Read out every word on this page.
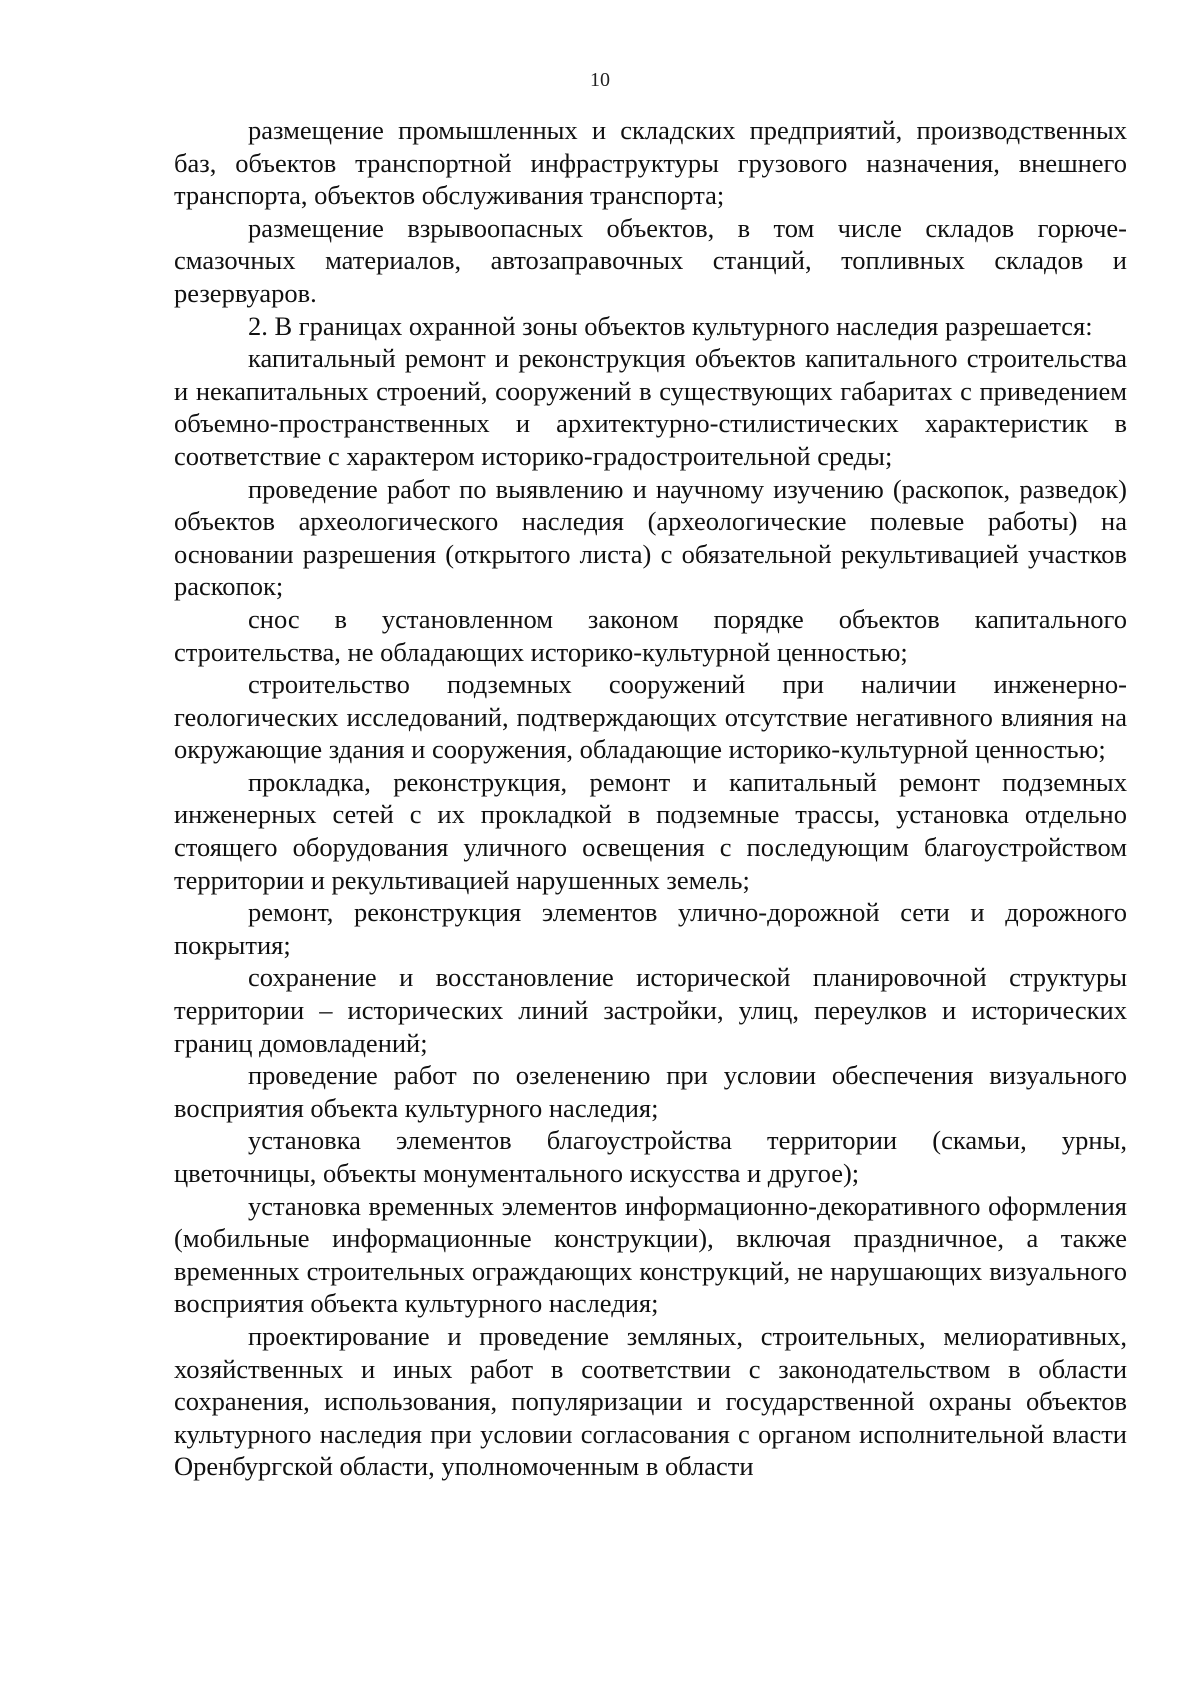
10

размещение промышленных и складских предприятий, производственных баз, объектов транспортной инфраструктуры грузового назначения, внешнего транспорта, объектов обслуживания транспорта;

размещение взрывоопасных объектов, в том числе складов горюче-смазочных материалов, автозаправочных станций, топливных складов и резервуаров.

2. В границах охранной зоны объектов культурного наследия разрешается:

капитальный ремонт и реконструкция объектов капитального строительства и некапитальных строений, сооружений в существующих габаритах с приведением объемно-пространственных и архитектурно-стилистических характеристик в соответствие с характером историко-градостроительной среды;

проведение работ по выявлению и научному изучению (раскопок, разведок) объектов археологического наследия (археологические полевые работы) на основании разрешения (открытого листа) с обязательной рекультивацией участков раскопок;

снос в установленном законом порядке объектов капитального строительства, не обладающих историко-культурной ценностью;

строительство подземных сооружений при наличии инженерно-геологических исследований, подтверждающих отсутствие негативного влияния на окружающие здания и сооружения, обладающие историко-культурной ценностью;

прокладка, реконструкция, ремонт и капитальный ремонт подземных инженерных сетей с их прокладкой в подземные трассы, установка отдельно стоящего оборудования уличного освещения с последующим благоустройством территории и рекультивацией нарушенных земель;

ремонт, реконструкция элементов улично-дорожной сети и дорожного покрытия;

сохранение и восстановление исторической планировочной структуры территории – исторических линий застройки, улиц, переулков и исторических границ домовладений;

проведение работ по озеленению при условии обеспечения визуального восприятия объекта культурного наследия;

установка элементов благоустройства территории (скамьи, урны, цветочницы, объекты монументального искусства и другое);

установка временных элементов информационно-декоративного оформления (мобильные информационные конструкции), включая праздничное, а также временных строительных ограждающих конструкций, не нарушающих визуального восприятия объекта культурного наследия;

проектирование и проведение земляных, строительных, мелиоративных, хозяйственных и иных работ в соответствии с законодательством в области сохранения, использования, популяризации и государственной охраны объектов культурного наследия при условии согласования с органом исполнительной власти Оренбургской области, уполномоченным в области
